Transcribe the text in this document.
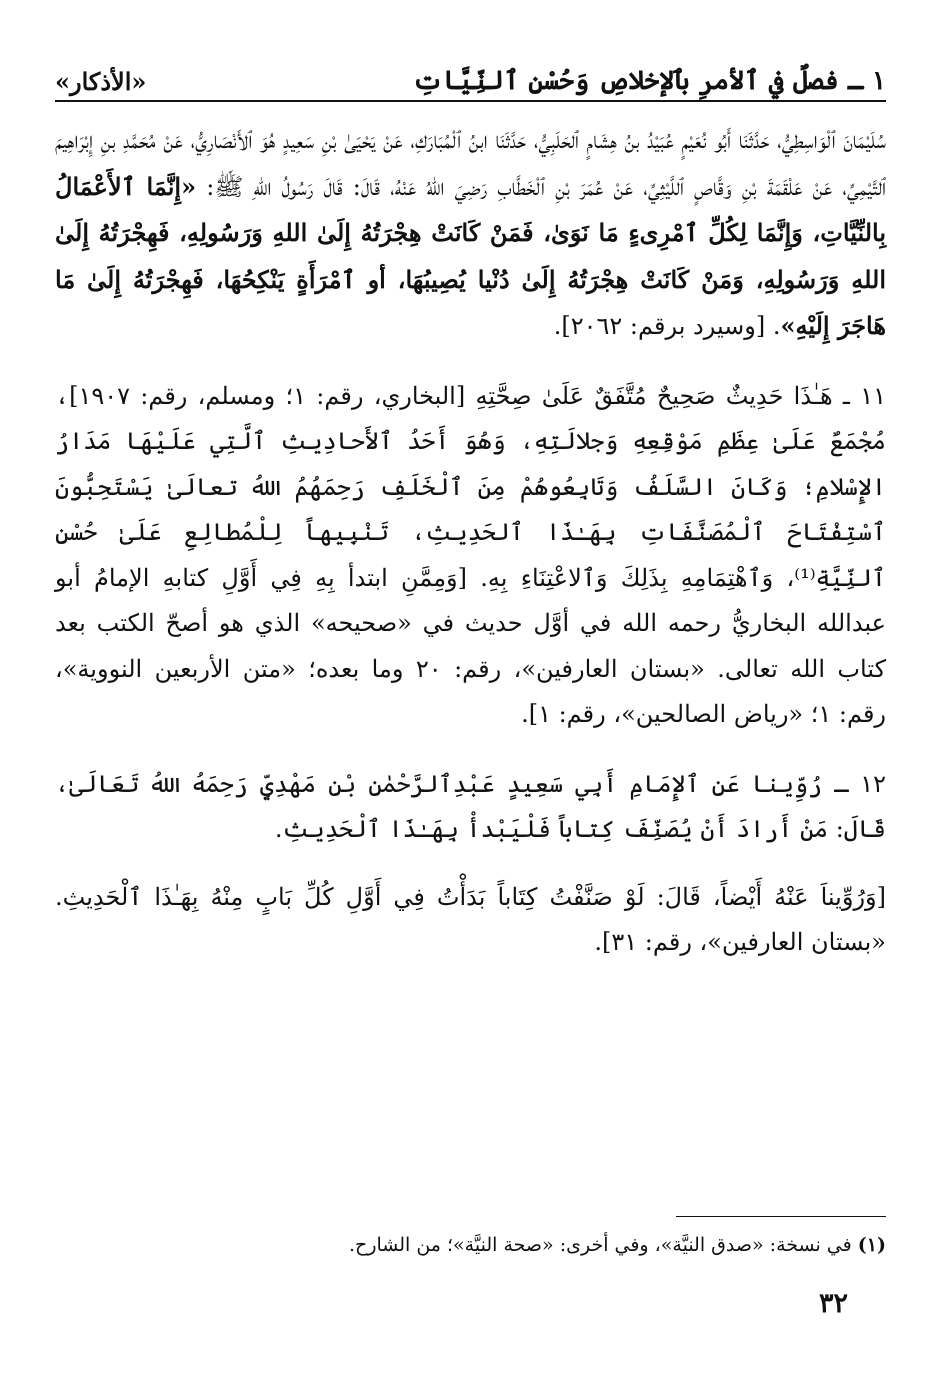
١ ـ فصلٌ في ٱلأمرِ بٱلإخلاصِ وَحُسْنِ ٱلنِّيَّاتِ
«الأذكار»

سُلَيْمَانَ ٱلْوَاسِطِيُّ، حَدَّثَنَا أَبُو نُعَيْمٍ عُبَيْدُ بنُ هِشَامٍ ٱلحَلَبِيُّ، حَدَّثَنَا ابنُ ٱلْمُبَارَكِ، عَنْ يَحْيَىٰ بْنِ سَعِيدٍ هُوَ ٱلأَنْصَارِيُّ، عَنْ مُحَمَّدِ بنِ إِبْرَاهِيمَ ٱلتَّيْمِيِّ، عَنْ عَلْقَمَةَ بْنِ وَقَّاصٍ ٱللَّيْثِيِّ، عَنْ عُمَرَ بْنِ ٱلْخَطَّابِ رَضِيَ اللهُ عَنْهُ، قَالَ: قَالَ رَسُولُ اللهِ ﷺ: «إِنَّمَا ٱلأَعْمَالُ بِالنِّيَّاتِ، وَإِنَّمَا لِكُلِّ ٱمْرِىءٍ مَا نَوَىٰ، فَمَنْ كَانَتْ هِجْرَتُهُ إِلَىٰ اللهِ وَرَسُولِهِ، فَهِجْرَتُهُ إِلَىٰ اللهِ وَرَسُولِهِ، وَمَنْ كَانَتْ هِجْرَتُهُ إِلَىٰ دُنْيا يُصِيبُهَا، أو ٱمْرَأَةٍ يَنْكِحُهَا، فَهِجْرَتُهُ إِلَىٰ مَا هَاجَرَ إِلَيْهِ». [وسيرد برقم: ٢٠٦٢].

١١ ـ هَـٰذَا حَدِيثٌ صَحِيحٌ مُتَّفَقٌ عَلَىٰ صِحَّتِهِ [البخاري، رقم: ١؛ ومسلم، رقم: ١٩٠٧]، مُجْمَعٌ عَلَىٰ عِظَمِ مَوْقِعِهِ وَجلالَتِهِ، وَهُوَ أَحَدُ ٱلأَحادِيثِ ٱلَّتِي عَلَيْهَا مَدَارُ الإِسْلامِ؛ وَكَانَ السَّلَفُ وَتَابِعُوهُمْ مِنَ ٱلْخَلَفِ رَحِمَهُمُ اللهُ تعالَىٰ يَسْتَحِبُّونَ ٱسْتِفْتَاحَ ٱلْمُصَنَّفَاتِ بِهَـٰذَا ٱلحَدِيثِ، تَنْبِيهاً لِلْمُطالِعِ عَلَىٰ حُسْنِ ٱلنِّيَّةِ⁽¹⁾، وَٱهْتِمَامِهِ بِذَلِكَ وَٱلاعْتِنَاءِ بِهِ. [وَمِمَّنِ ابتدأ بِهِ فِي أَوَّلِ كتابهِ الإمامُ أبو عبدالله البخاريُّ رحمه الله في أوَّل حديث في «صحيحه» الذي هو أصحّ الكتب بعد كتاب الله تعالى. «بستان العارفين»، رقم: ٢٠ وما بعده؛ «متن الأربعين النووية»، رقم: ١؛ «رياض الصالحين»، رقم: ١].

١٢ ـ رُوِّينا عَنِ ٱلإِمَامِ أَبِي سَعِيدٍ عَبْدِٱلرَّحْمٰنِ بْنِ مَهْدِيٍّ رَحِمَهُ اللهُ تَعَالَىٰ، قَالَ: مَنْ أَرادَ أَنْ يُصَنِّفَ كِتاباً فَلْيَبْدأْ بِهَـٰذَا ٱلْحَدِيثِ.

[وَرُوِّيناَ عَنْهُ أَيْضاً، قَالَ: لَوْ صَنَّفْتُ كِتَاباً بَدَأْتُ فِي أَوَّلِ كُلِّ بَابٍ مِنْهُ بِهَـٰذَا ٱلْحَدِيثِ. «بستان العارفين»، رقم: ٣١].

(١) في نسخة: «صدق النيَّة»، وفي أخرى: «صحة النيَّة»؛ من الشارح.
٣٢
